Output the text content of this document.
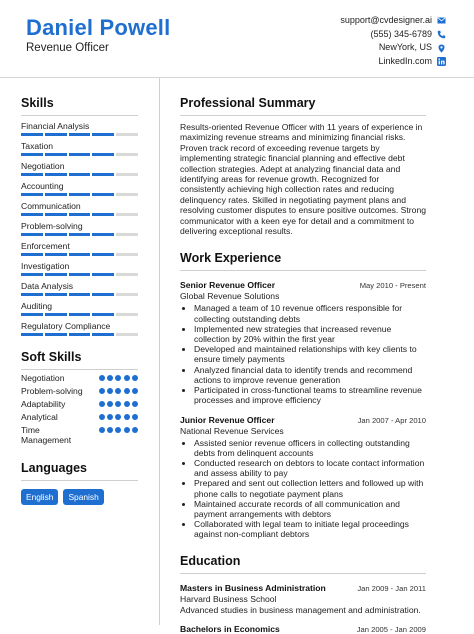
Daniel Powell
Revenue Officer
support@cvdesigner.ai
(555) 345-6789
NewYork, US
LinkedIn.com
Skills
Financial Analysis
Taxation
Negotiation
Accounting
Communication
Problem-solving
Enforcement
Investigation
Data Analysis
Auditing
Regulatory Compliance
Soft Skills
Negotiation
Problem-solving
Adaptability
Analytical
Time Management
Languages
English	Spanish
Professional Summary
Results-oriented Revenue Officer with 11 years of experience in maximizing revenue streams and minimizing financial risks. Proven track record of exceeding revenue targets by implementing strategic financial planning and effective debt collection strategies. Adept at analyzing financial data and identifying areas for revenue growth. Recognized for consistently achieving high collection rates and reducing delinquency rates. Skilled in negotiating payment plans and resolving customer disputes to ensure positive outcomes. Strong communicator with a keen eye for detail and a commitment to delivering exceptional results.
Work Experience
Senior Revenue Officer	May 2010 - Present
Global Revenue Solutions
• Managed a team of 10 revenue officers responsible for collecting outstanding debts
• Implemented new strategies that increased revenue collection by 20% within the first year
• Developed and maintained relationships with key clients to ensure timely payments
• Analyzed financial data to identify trends and recommend actions to improve revenue generation
• Participated in cross-functional teams to streamline revenue processes and improve efficiency
Junior Revenue Officer	Jan 2007 - Apr 2010
National Revenue Services
• Assisted senior revenue officers in collecting outstanding debts from delinquent accounts
• Conducted research on debtors to locate contact information and assess ability to pay
• Prepared and sent out collection letters and followed up with phone calls to negotiate payment plans
• Maintained accurate records of all communication and payment arrangements with debtors
• Collaborated with legal team to initiate legal proceedings against non-compliant debtors
Education
Masters in Business Administration	Jan 2009 - Jan 2011
Harvard Business School
Advanced studies in business management and administration.
Bachelors in Economics	Jan 2005 - Jan 2009
